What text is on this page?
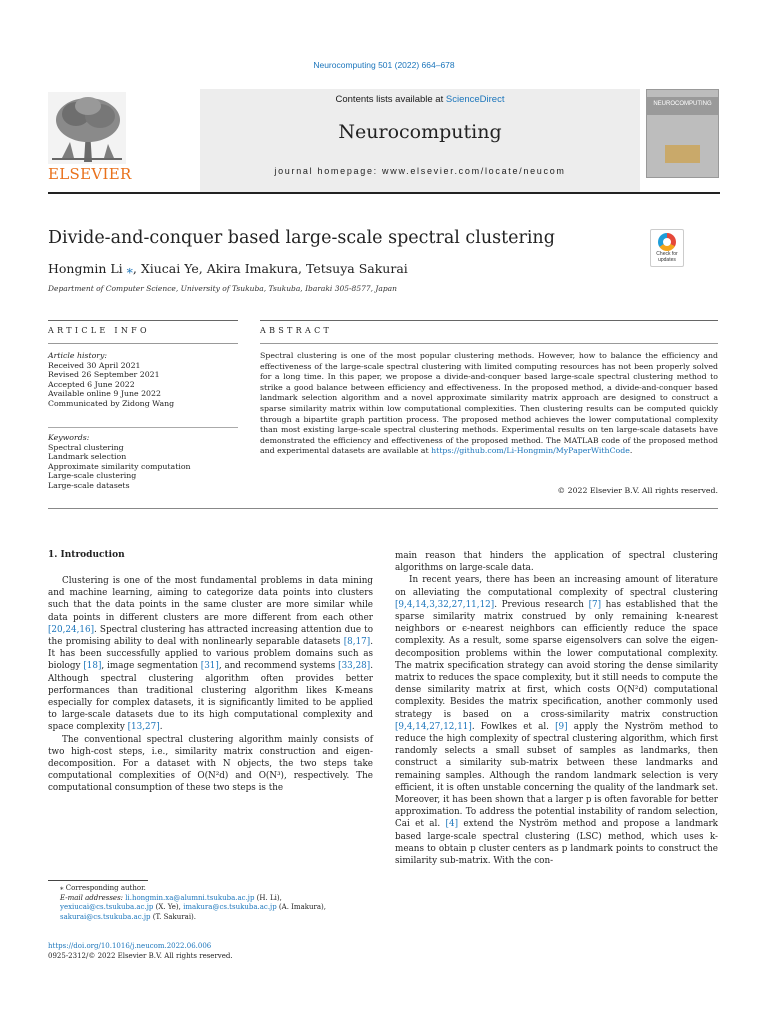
Neurocomputing 501 (2022) 664–678
ELSEVIER
Contents lists available at ScienceDirect
Neurocomputing
journal homepage: www.elsevier.com/locate/neucom
NEUROCOMPUTING
Divide-and-conquer based large-scale spectral clustering
Hongmin Li ⁎, Xiucai Ye, Akira Imakura, Tetsuya Sakurai
Department of Computer Science, University of Tsukuba, Tsukuba, Ibaraki 305-8577, Japan
Check for
updates
ARTICLE INFO
Article history:
Received 30 April 2021
Revised 26 September 2021
Accepted 6 June 2022
Available online 9 June 2022
Communicated by Zidong Wang
Keywords:
Spectral clustering
Landmark selection
Approximate similarity computation
Large-scale clustering
Large-scale datasets
ABSTRACT
Spectral clustering is one of the most popular clustering methods. However, how to balance the efficiency and effectiveness of the large-scale spectral clustering with limited computing resources has not been properly solved for a long time. In this paper, we propose a divide-and-conquer based large-scale spectral clustering method to strike a good balance between efficiency and effectiveness. In the proposed method, a divide-and-conquer based landmark selection algorithm and a novel approximate similarity matrix approach are designed to construct a sparse similarity matrix within low computational complexities. Then clustering results can be computed quickly through a bipartite graph partition process. The proposed method achieves the lower computational complexity than most existing large-scale spectral clustering methods. Experimental results on ten large-scale datasets have demonstrated the efficiency and effectiveness of the proposed method. The MATLAB code of the proposed method and experimental datasets are available at https://github.com/Li-Hongmin/MyPaperWithCode.
© 2022 Elsevier B.V. All rights reserved.
1. Introduction

Clustering is one of the most fundamental problems in data mining and machine learning, aiming to categorize data points into clusters such that the data points in the same cluster are more similar while data points in different clusters are more different from each other [20,24,16]. Spectral clustering has attracted increasing attention due to the promising ability to deal with nonlinearly separable datasets [8,17]. It has been successfully applied to various problem domains such as biology [18], image segmentation [31], and recommend systems [33,28]. Although spectral clustering algorithm often provides better performances than traditional clustering algorithm likes K-means especially for complex datasets, it is significantly limited to be applied to large-scale datasets due to its high computational complexity and space complexity [13,27].

The conventional spectral clustering algorithm mainly consists of two high-cost steps, i.e., similarity matrix construction and eigen-decomposition. For a dataset with N objects, the two steps take computational complexities of O(N²d) and O(N³), respectively. The computational consumption of these two steps is the

main reason that hinders the application of spectral clustering algorithms on large-scale data.

In recent years, there has been an increasing amount of literature on alleviating the computational complexity of spectral clustering [9,4,14,3,32,27,11,12]. Previous research [7] has established that the sparse similarity matrix construed by only remaining k-nearest neighbors or ϵ-nearest neighbors can efficiently reduce the space complexity. As a result, some sparse eigensolvers can solve the eigen-decomposition problems within the lower computational complexity. The matrix specification strategy can avoid storing the dense similarity matrix to reduces the space complexity, but it still needs to compute the dense similarity matrix at first, which costs O(N²d) computational complexity. Besides the matrix specification, another commonly used strategy is based on a cross-similarity matrix construction [9,4,14,27,12,11]. Fowlkes et al. [9] apply the Nyström method to reduce the high complexity of spectral clustering algorithm, which first randomly selects a small subset of samples as landmarks, then construct a similarity sub-matrix between these landmarks and remaining samples. Although the random landmark selection is very efficient, it is often unstable concerning the quality of the landmark set. Moreover, it has been shown that a larger p is often favorable for better approximation. To address the potential instability of random selection, Cai et al. [4] extend the Nyström method and propose a landmark based large-scale spectral clustering (LSC) method, which uses k-means to obtain p cluster centers as p landmark points to construct the similarity sub-matrix. With the con-

⁎ Corresponding author.
E-mail addresses: li.hongmin.xa@alumni.tsukuba.ac.jp (H. Li), yexiucai@cs.tsukuba.ac.jp (X. Ye), imakura@cs.tsukuba.ac.jp (A. Imakura), sakurai@cs.tsukuba.ac.jp (T. Sakurai).
https://doi.org/10.1016/j.neucom.2022.06.006
0925-2312/© 2022 Elsevier B.V. All rights reserved.
